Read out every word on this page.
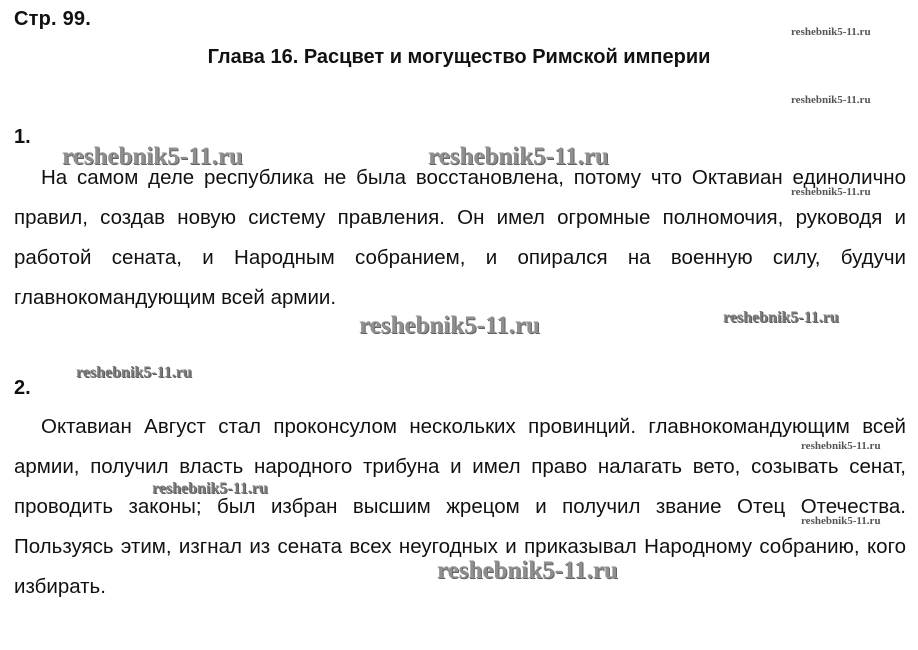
Стр. 99.
Глава 16. Расцвет и могущество Римской империи
1.

На самом деле республика не была восстановлена, потому что Октавиан единолично правил, создав новую систему правления. Он имел огромные полномочия, руководя и работой сената, и Народным собранием, и опирался на военную силу, будучи главнокомандующим всей армии.

2.

Октавиан Август стал проконсулом нескольких провинций. главнокомандующим всей армии, получил власть народного трибуна и имел право налагать вето, созывать сенат, проводить законы; был избран высшим жрецом и получил звание Отец Отечества. Пользуясь этим, изгнал из сената всех неугодных и приказывал Народному собранию, кого избирать.

reshebnik5-11.ru
reshebnik5-11.ru
reshebnik5-11.ru	reshebnik5-11.ru
reshebnik5-11.ru
reshebnik5-11.ru	reshebnik5-11.ru
reshebnik5-11.ru
reshebnik5-11.ru
reshebnik5-11.ru
reshebnik5-11.ru
reshebnik5-11.ru
